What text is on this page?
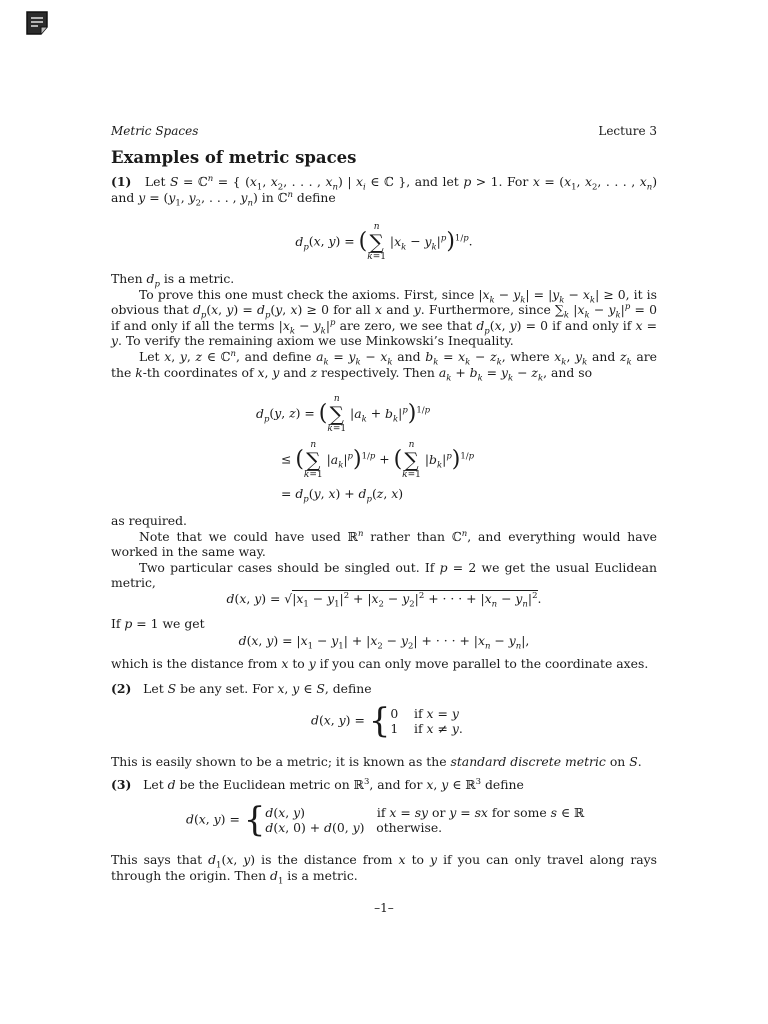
Metric Spaces	Lecture 3
Examples of metric spaces

(1)   Let S = ℂ$^n$ = { ($x_1$, $x_2$, . . . , $x_n$) | $x_i$ ∈ ℂ }, and let p > 1. For $x = (x_1$, $x_2$, . . . , $x_n$) and $y = (y_1$, $y_2$, . . . , $y_n$) in ℂ$^n$ define

$d_p(x$, y) = (n
∑
k=1 $|x_k - y_k|^p)^{1/p}$.

Then $d_p$ is a metric.

To prove this one must check the axioms. First, since $|x_k - y_k| = |y_k - x_k| \ge 0$, it is obvious that $d_p(x$, $y) = d_p(y$, x) ≥ 0 for all x and y. Furthermore, since $\sum_k$ $|x_k - y_k|^p = 0$ if and only if all the terms $|x_k - y_k|^p$ are zero, we see that $d_p(x$, y) = 0 if and only if x = y. To verify the remaining axiom we use Minkowski’s Inequality.

Let x, y, z ∈ ℂ$^n$, and define $a_k = y_k - x_k$ and $b_k = x_k - z_k$, where $x_k$, $y_k$ and $z_k$ are the k-th coordinates of x, y and z respectively. Then $a_k + b_k = y_k - z_k$, and so

$d_p(y$, z) = (n
∑
k=1 $|a_k + b_k|^p)^{1/p}$
≤ (n
∑
k=1 $|a_k|^p)^{1/p} + (n$
∑
k=1 $|b_k|^p)^{1/p}$
= $d_p(y$, $x) + d_p(z$, x)

as required.

Note that we could have used ℝ$^n$ rather than ℂ$^n$, and everything would have worked in the same way.

Two particular cases should be singled out. If p = 2 we get the usual Euclidean metric,

d(x, $y) = √|x_1 - y_1|^2 + |x_2 - y_2|^2$ + · · · + $|x_n - y_n|^2$.

If p = 1 we get

d(x, $y) = |x_1 - y_1| + |x_2 - y_2|$ + · · · + $|x_n - y_n|$,

which is the distance from x to y if you can only move parallel to the coordinate axes.

(2)   Let S be any set. For x, y ∈ S, define

d(x, y) = {0    if x = y
1    if x ≠ y.

This is easily shown to be a metric; it is known as the standard discrete metric on S.

(3)   Let d be the Euclidean metric on ℝ$^3$, and for x, y ∈ ℝ$^3$ define

d(x, y) = {d(x, y)	if x = sy or y = sx for some s ∈ ℝ
d(x, 0) + d(0, y)   otherwise.

This says that $d_1(x$, y) is the distance from x to y if you can only travel along rays through the origin. Then $d_1$ is a metric.

–1–
